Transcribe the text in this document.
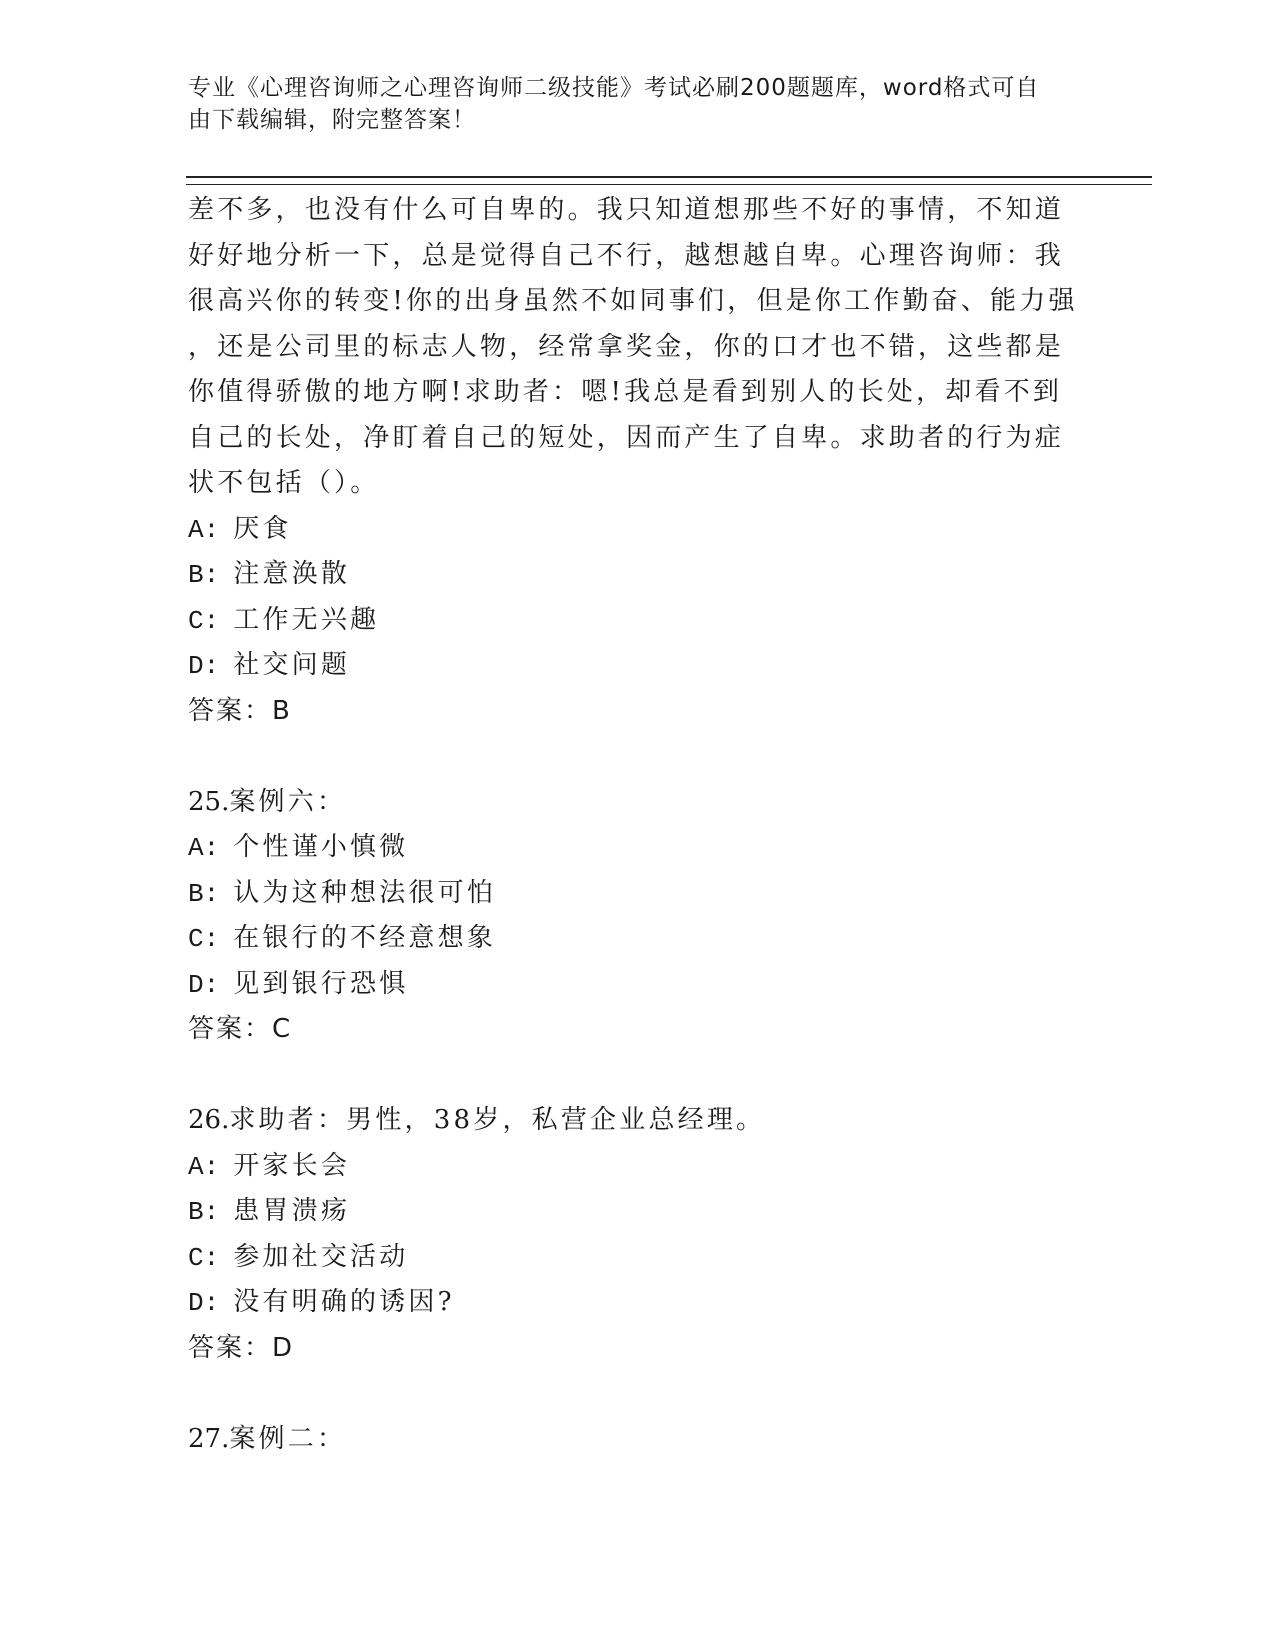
专业《心理咨询师之心理咨询师二级技能》考试必刷200题题库，word格式可自
由下载编辑，附完整答案！
差不多，也没有什么可自卑的。我只知道想那些不好的事情，不知道
好好地分析一下，总是觉得自己不行，越想越自卑。心理咨询师：我
很高兴你的转变!你的出身虽然不如同事们，但是你工作勤奋、能力强
，还是公司里的标志人物，经常拿奖金，你的口才也不错，这些都是
你值得骄傲的地方啊!求助者：嗯!我总是看到别人的长处，却看不到
自己的长处，净盯着自己的短处，因而产生了自卑。求助者的行为症
状不包括（）。
A: 厌食
B: 注意涣散
C: 工作无兴趣
D: 社交问题
答案：B
25.案例六：
A: 个性谨小慎微
B: 认为这种想法很可怕
C: 在银行的不经意想象
D: 见到银行恐惧
答案：C
26.求助者：男性，38岁，私营企业总经理。
A: 开家长会
B: 患胃溃疡
C: 参加社交活动
D: 没有明确的诱因?
答案：D
27.案例二：
